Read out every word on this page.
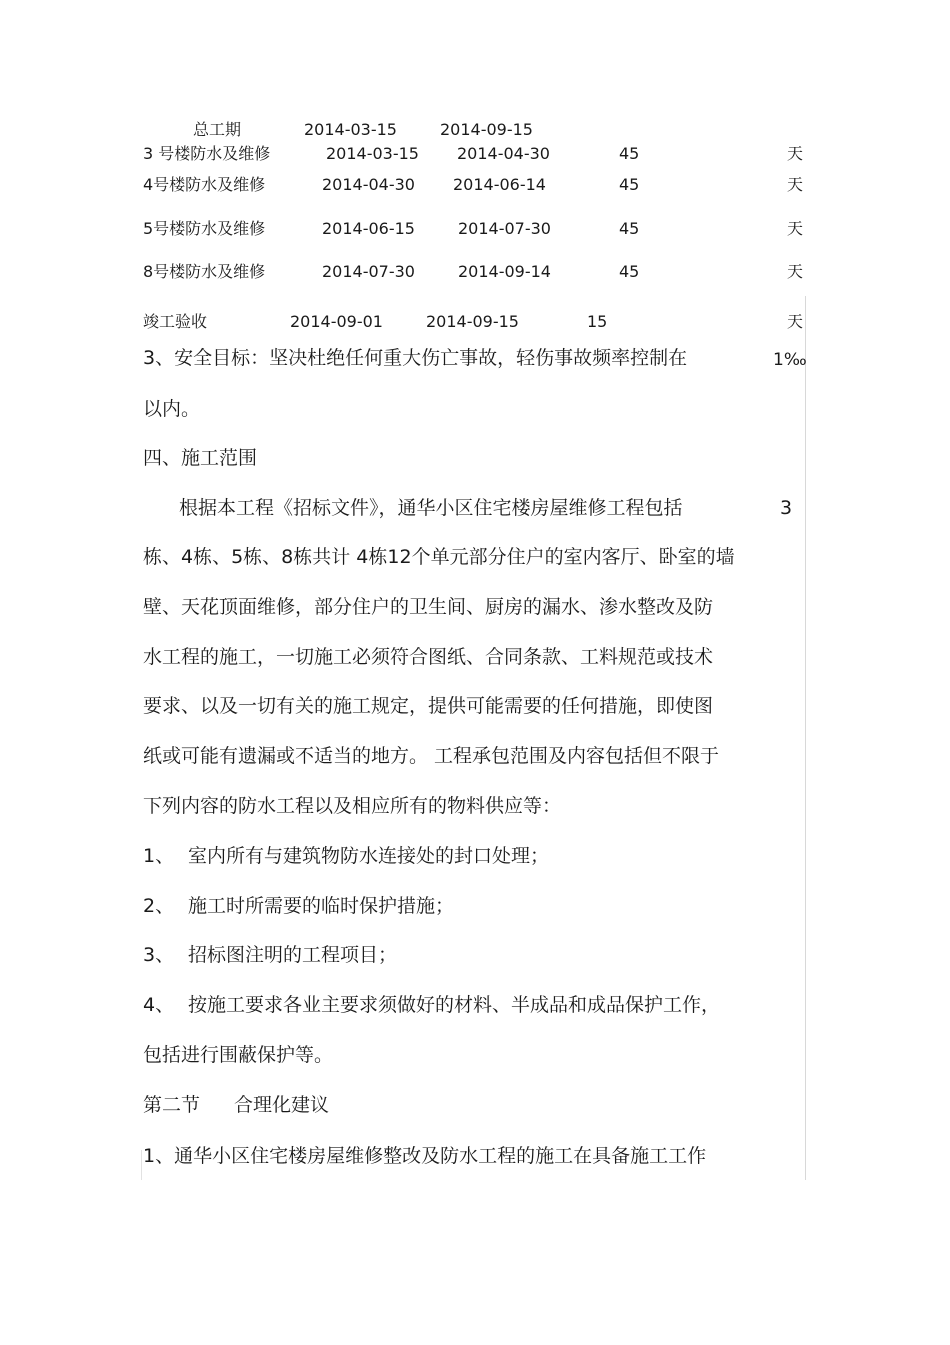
总工期	2014-03-15	2014-09-15
3 号楼防水及维修	2014-03-15 2014-04-30	45	天
4号楼防水及维修	2014-04-30 2014-06-14	45	天
5号楼防水及维修	2014-06-15	2014-07-30	45	天
8号楼防水及维修	2014-07-30	2014-09-14	45	天
竣工验收	2014-09-01	2014-09-15	15	天
3、安全目标：坚决杜绝任何重大伤亡事故，轻伤事故频率控制在	1‰
以内。
四、施工范围
根据本工程《招标文件》，通华小区住宅楼房屋维修工程包括	3
栋、4栋、5栋、8栋共计 4栋12个单元部分住户的室内客厅、卧室的墙
壁、天花顶面维修，部分住户的卫生间、厨房的漏水、渗水整改及防
水工程的施工，一切施工必须符合图纸、合同条款、工料规范或技术
要求、以及一切有关的施工规定，提供可能需要的任何措施，即使图
纸或可能有遗漏或不适当的地方。 工程承包范围及内容包括但不限于
下列内容的防水工程以及相应所有的物料供应等：
1、 室内所有与建筑物防水连接处的封口处理；
2、 施工时所需要的临时保护措施；
3、 招标图注明的工程项目；
4、 按施工要求各业主要求须做好的材料、半成品和成品保护工作，
包括进行围蔽保护等。
第二节 合理化建议
1、通华小区住宅楼房屋维修整改及防水工程的施工在具备施工工作
